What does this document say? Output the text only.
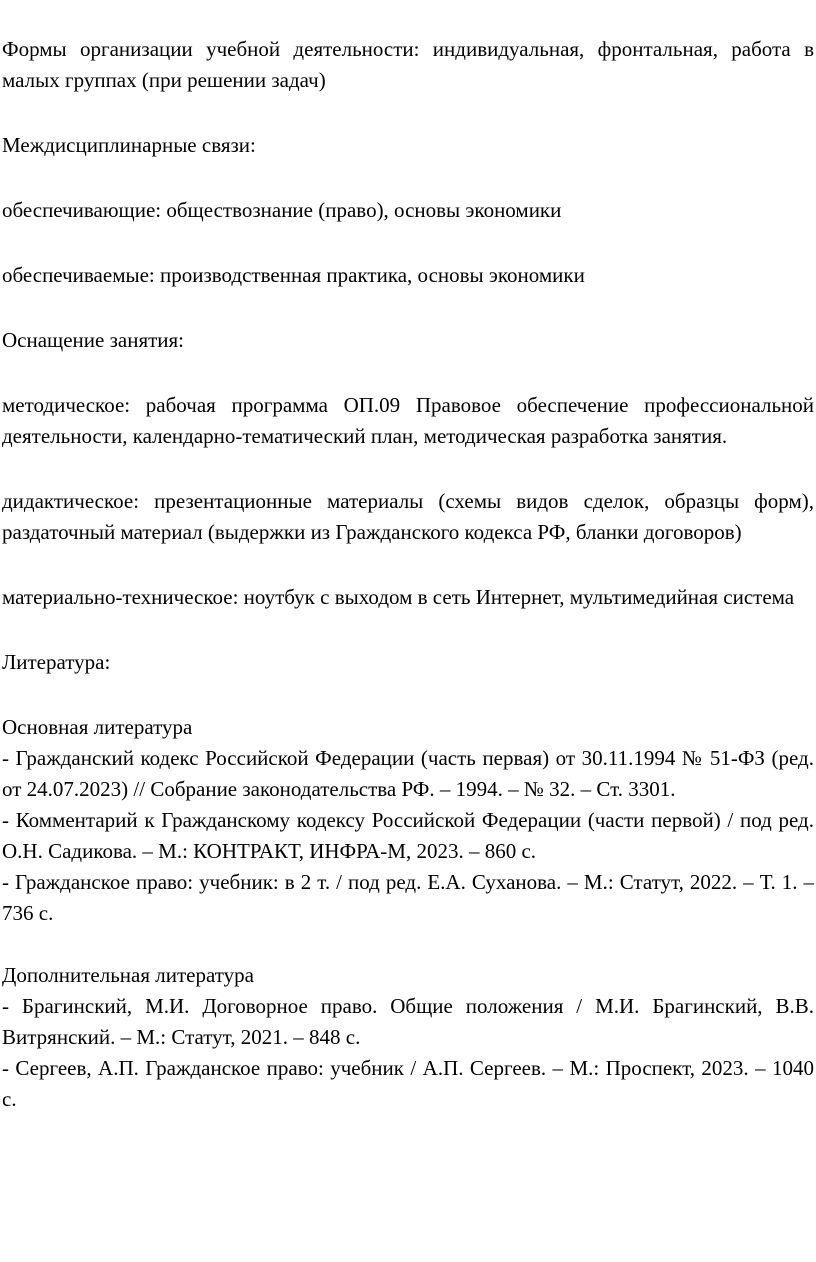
Формы организации учебной деятельности: индивидуальная, фронтальная, работа в малых группах (при решении задач)

Междисциплинарные связи:

обеспечивающие: обществознание (право), основы экономики

обеспечиваемые: производственная практика, основы экономики

Оснащение занятия:

методическое: рабочая программа ОП.09 Правовое обеспечение профессиональной деятельности, календарно-тематический план, методическая разработка занятия.

дидактическое: презентационные материалы (схемы видов сделок, образцы форм), раздаточный материал (выдержки из Гражданского кодекса РФ, бланки договоров)

материально-техническое: ноутбук с выходом в сеть Интернет, мультимедийная система

Литература:

Основная литература

- Гражданский кодекс Российской Федерации (часть первая) от 30.11.1994 № 51-ФЗ (ред. от 24.07.2023) // Собрание законодательства РФ. – 1994. – № 32. – Ст. 3301.

- Комментарий к Гражданскому кодексу Российской Федерации (части первой) / под ред. О.Н. Садикова. – М.: КОНТРАКТ, ИНФРА-М, 2023. – 860 с.

- Гражданское право: учебник: в 2 т. / под ред. Е.А. Суханова. – М.: Статут, 2022. – Т. 1. – 736 с.

Дополнительная литература

- Брагинский, М.И. Договорное право. Общие положения / М.И. Брагинский, В.В. Витрянский. – М.: Статут, 2021. – 848 с.

- Сергеев, А.П. Гражданское право: учебник / А.П. Сергеев. – М.: Проспект, 2023. – 1040 с.
